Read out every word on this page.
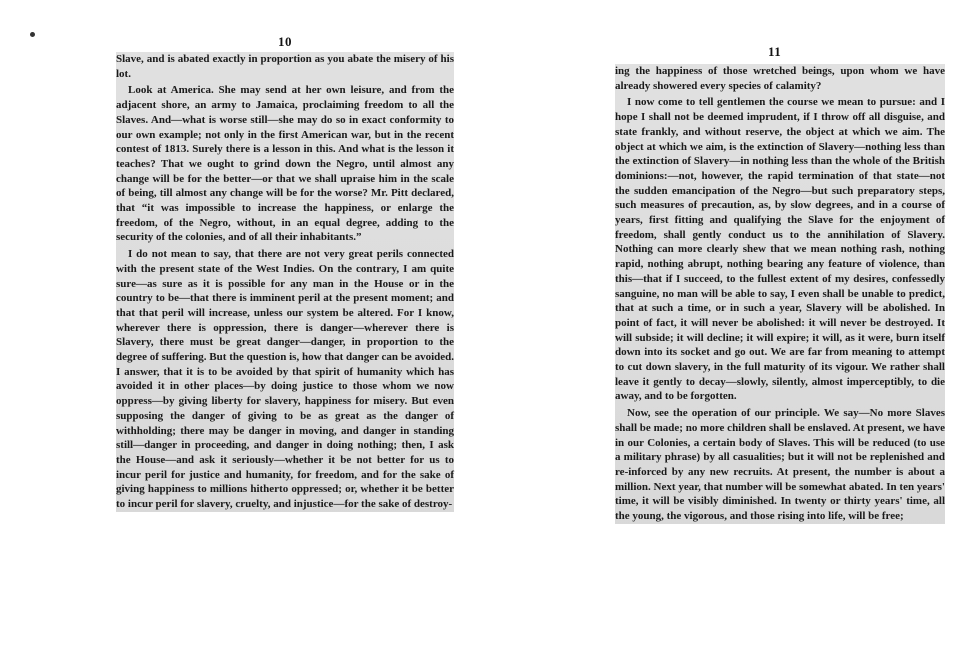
10

Slave, and is abated exactly in proportion as you abate the misery of his lot.

Look at America. She may send at her own leisure, and from the adjacent shore, an army to Jamaica, proclaiming freedom to all the Slaves. And—what is worse still—she may do so in exact conformity to our own example; not only in the first American war, but in the recent contest of 1813. Surely there is a lesson in this. And what is the lesson it teaches? That we ought to grind down the Negro, until almost any change will be for the better—or that we shall upraise him in the scale of being, till almost any change will be for the worse? Mr. Pitt declared, that “it was impossible to increase the happiness, or enlarge the freedom, of the Negro, without, in an equal degree, adding to the security of the colonies, and of all their inhabitants.”

I do not mean to say, that there are not very great perils connected with the present state of the West Indies. On the contrary, I am quite sure—as sure as it is possible for any man in the House or in the country to be—that there is imminent peril at the present moment; and that that peril will increase, unless our system be altered. For I know, wherever there is oppression, there is danger—wherever there is Slavery, there must be great danger—danger, in proportion to the degree of suffering. But the question is, how that danger can be avoided. I answer, that it is to be avoided by that spirit of humanity which has avoided it in other places—by doing justice to those whom we now oppress—by giving liberty for slavery, happiness for misery. But even supposing the danger of giving to be as great as the danger of withholding; there may be danger in moving, and danger in standing still—danger in proceeding, and danger in doing nothing; then, I ask the House—and ask it seriously—whether it be not better for us to incur peril for justice and humanity, for freedom, and for the sake of giving happiness to millions hitherto oppressed; or, whether it be better to incur peril for slavery, cruelty, and injustice—for the sake of destroy-

11

ing the happiness of those wretched beings, upon whom we have already showered every species of calamity?

I now come to tell gentlemen the course we mean to pursue: and I hope I shall not be deemed imprudent, if I throw off all disguise, and state frankly, and without reserve, the object at which we aim. The object at which we aim, is the extinction of Slavery—nothing less than the extinction of Slavery—in nothing less than the whole of the British dominions:—not, however, the rapid termination of that state—not the sudden emancipation of the Negro—but such preparatory steps, such measures of precaution, as, by slow degrees, and in a course of years, first fitting and qualifying the Slave for the enjoyment of freedom, shall gently conduct us to the annihilation of Slavery. Nothing can more clearly shew that we mean nothing rash, nothing rapid, nothing abrupt, nothing bearing any feature of violence, than this—that if I succeed, to the fullest extent of my desires, confessedly sanguine, no man will be able to say, I even shall be unable to predict, that at such a time, or in such a year, Slavery will be abolished. In point of fact, it will never be abolished: it will never be destroyed. It will subside; it will decline; it will expire; it will, as it were, burn itself down into its socket and go out. We are far from meaning to attempt to cut down slavery, in the full maturity of its vigour. We rather shall leave it gently to decay—slowly, silently, almost imperceptibly, to die away, and to be forgotten.

Now, see the operation of our principle. We say—No more Slaves shall be made; no more children shall be enslaved. At present, we have in our Colonies, a certain body of Slaves. This will be reduced (to use a military phrase) by all casualities; but it will not be replenished and re-inforced by any new recruits. At present, the number is about a million. Next year, that number will be somewhat abated. In ten years' time, it will be visibly diminished. In twenty or thirty years' time, all the young, the vigorous, and those rising into life, will be free;
